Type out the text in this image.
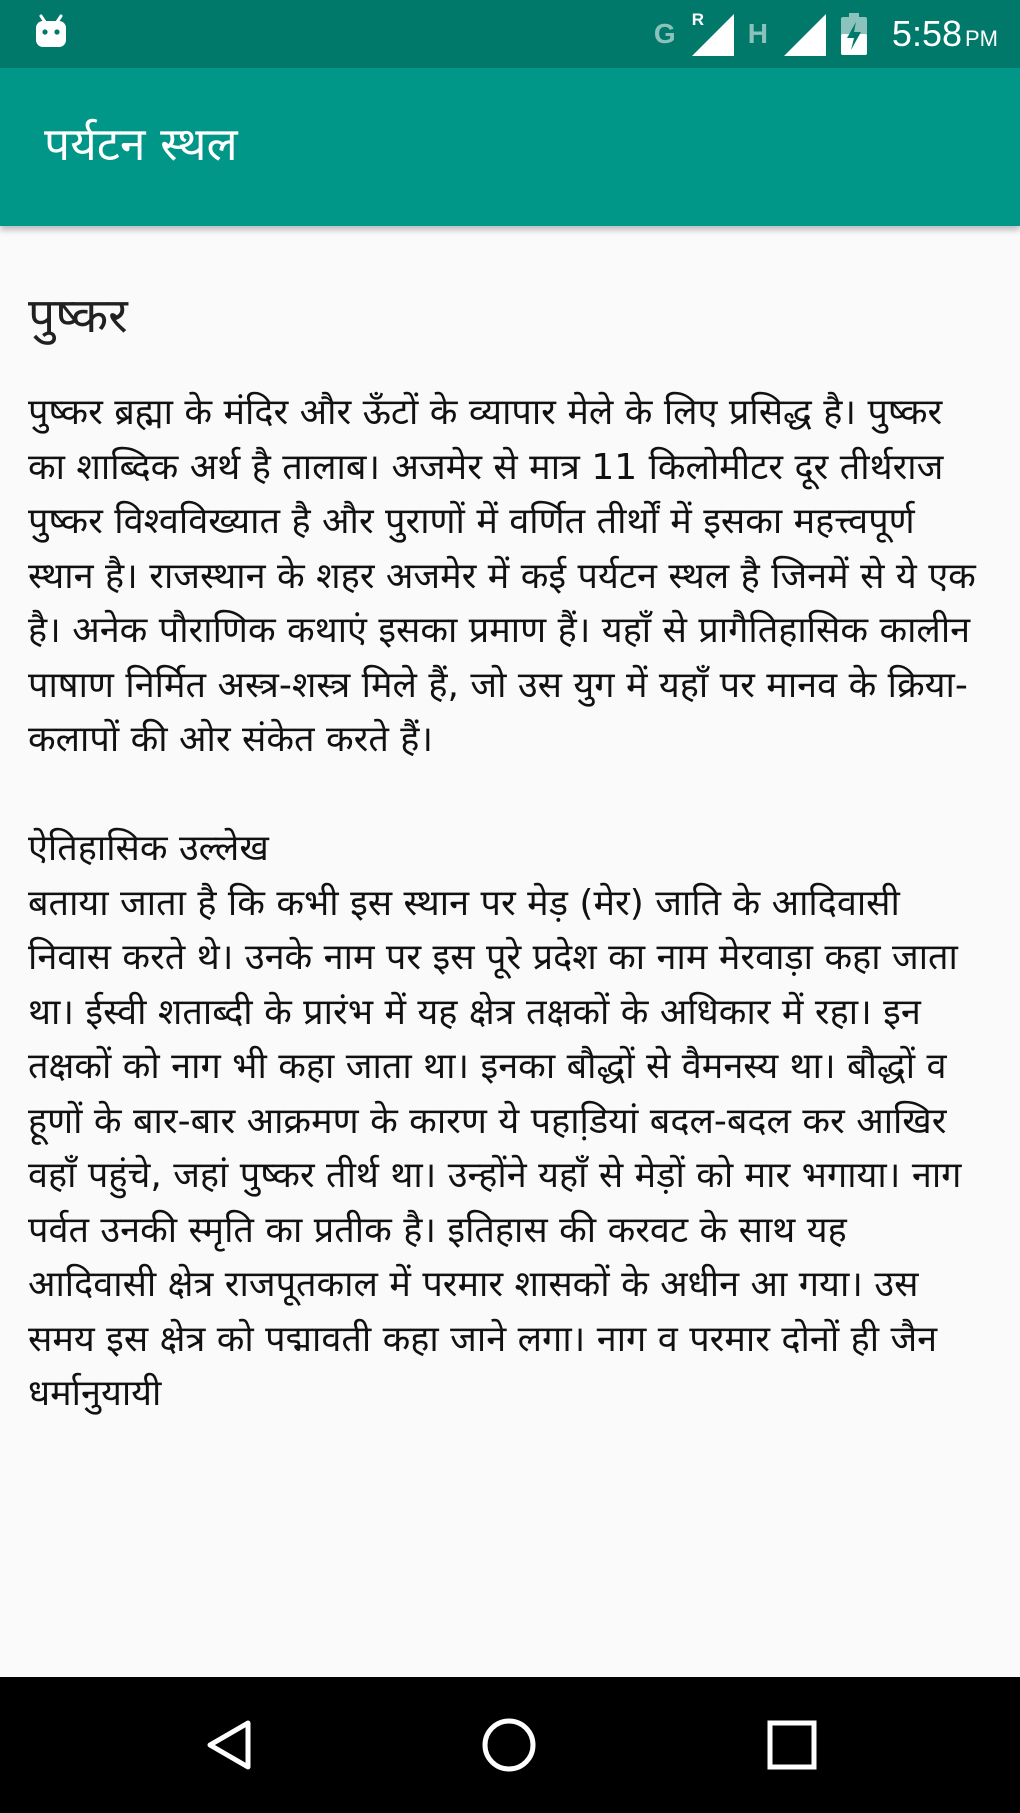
G R H	5:58 PM
पर्यटन स्थल
पुष्कर

पुष्कर ब्रह्मा के मंदिर और ऊँटों के व्यापार मेले के लिए प्रसिद्ध है। पुष्कर का शाब्दिक अर्थ है तालाब। अजमेर से मात्र 11 किलोमीटर दूर तीर्थराज पुष्कर विश्वविख्यात है और पुराणों में वर्णित तीर्थों में इसका महत्त्वपूर्ण स्थान है। राजस्थान के शहर अजमेर में कई पर्यटन स्थल है जिनमें से ये एक है। अनेक पौराणिक कथाएं इसका प्रमाण हैं। यहाँ से प्रागैतिहासिक कालीन पाषाण निर्मित अस्त्र-शस्त्र मिले हैं, जो उस युग में यहाँ पर मानव के क्रिया-कलापों की ओर संकेत करते हैं।

ऐतिहासिक उल्लेख
बताया जाता है कि कभी इस स्थान पर मेड़ (मेर) जाति के आदिवासी निवास करते थे। उनके नाम पर इस पूरे प्रदेश का नाम मेरवाड़ा कहा जाता था। ईस्वी शताब्दी के प्रारंभ में यह क्षेत्र तक्षकों के अधिकार में रहा। इन तक्षकों को नाग भी कहा जाता था। इनका बौद्धों से वैमनस्य था। बौद्धों व हूणों के बार-बार आक्रमण के कारण ये पहाडि़यां बदल-बदल कर आखिर वहाँ पहुंचे, जहां पुष्कर तीर्थ था। उन्होंने यहाँ से मेड़ों को मार भगाया। नाग पर्वत उनकी स्मृति का प्रतीक है। इतिहास की करवट के साथ यह आदिवासी क्षेत्र राजपूतकाल में परमार शासकों के अधीन आ गया। उस समय इस क्षेत्र को पद्मावती कहा जाने लगा। नाग व परमार दोनों ही जैन धर्मानुयायी
